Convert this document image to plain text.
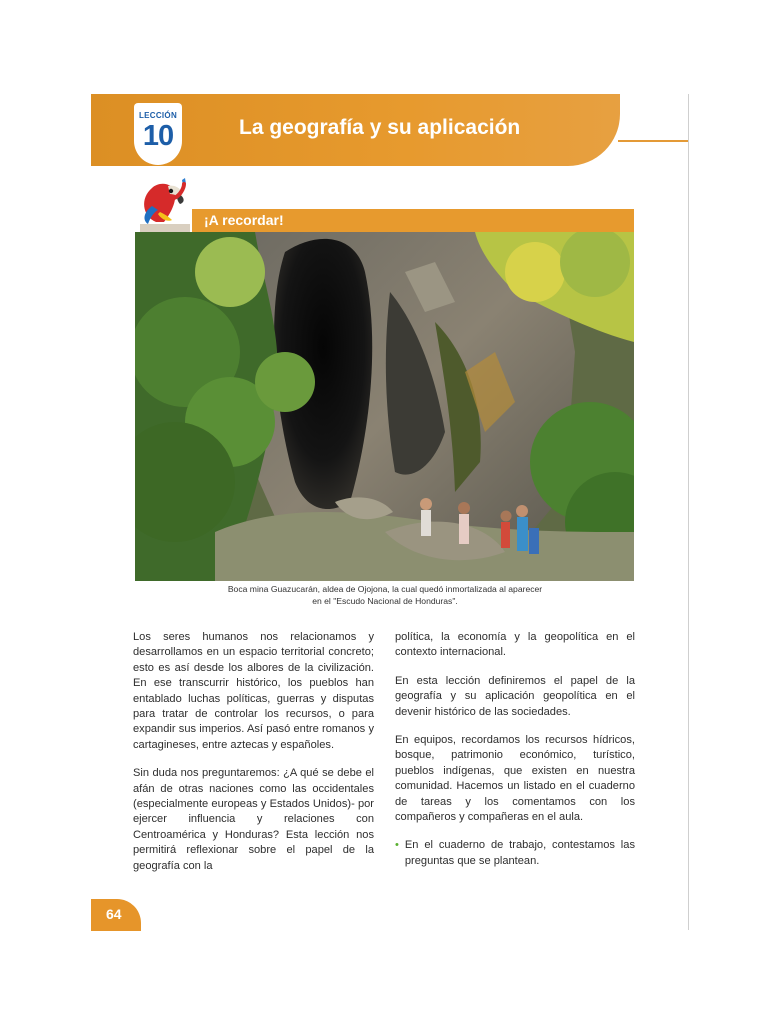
LECCIÓN
10	La geografía y su aplicación
¡A recordar!
Boca mina Guazucarán, aldea de Ojojona, la cual quedó inmortalizada al aparecer
en el "Escudo Nacional de Honduras".

Los seres humanos nos relacionamos y desarrollamos en un espacio territorial concreto; esto es así desde los albores de la civilización. En ese transcurrir histórico, los pueblos han entablado luchas políticas, guerras y disputas para tratar de controlar los recursos, o para expandir sus imperios. Así pasó entre romanos y cartagineses, entre aztecas y españoles.

Sin duda nos preguntaremos: ¿A qué se debe el afán de otras naciones como las occidentales (especialmente europeas y Estados Unidos)- por ejercer influencia y relaciones con Centroamérica y Honduras? Esta lección nos permitirá reflexionar sobre el papel de la geografía con la

política, la economía y la geopolítica en el contexto internacional.

En esta lección definiremos el papel de la geografía y su aplicación geopolítica en el devenir histórico de las sociedades.

En equipos, recordamos los recursos hídricos, bosque, patrimonio económico, turístico, pueblos indígenas, que existen en nuestra comunidad. Hacemos un listado en el cuaderno de tareas y los comentamos con los compañeros y compañeras en el aula.

• En el cuaderno de trabajo, contestamos las preguntas que se plantean.
64
